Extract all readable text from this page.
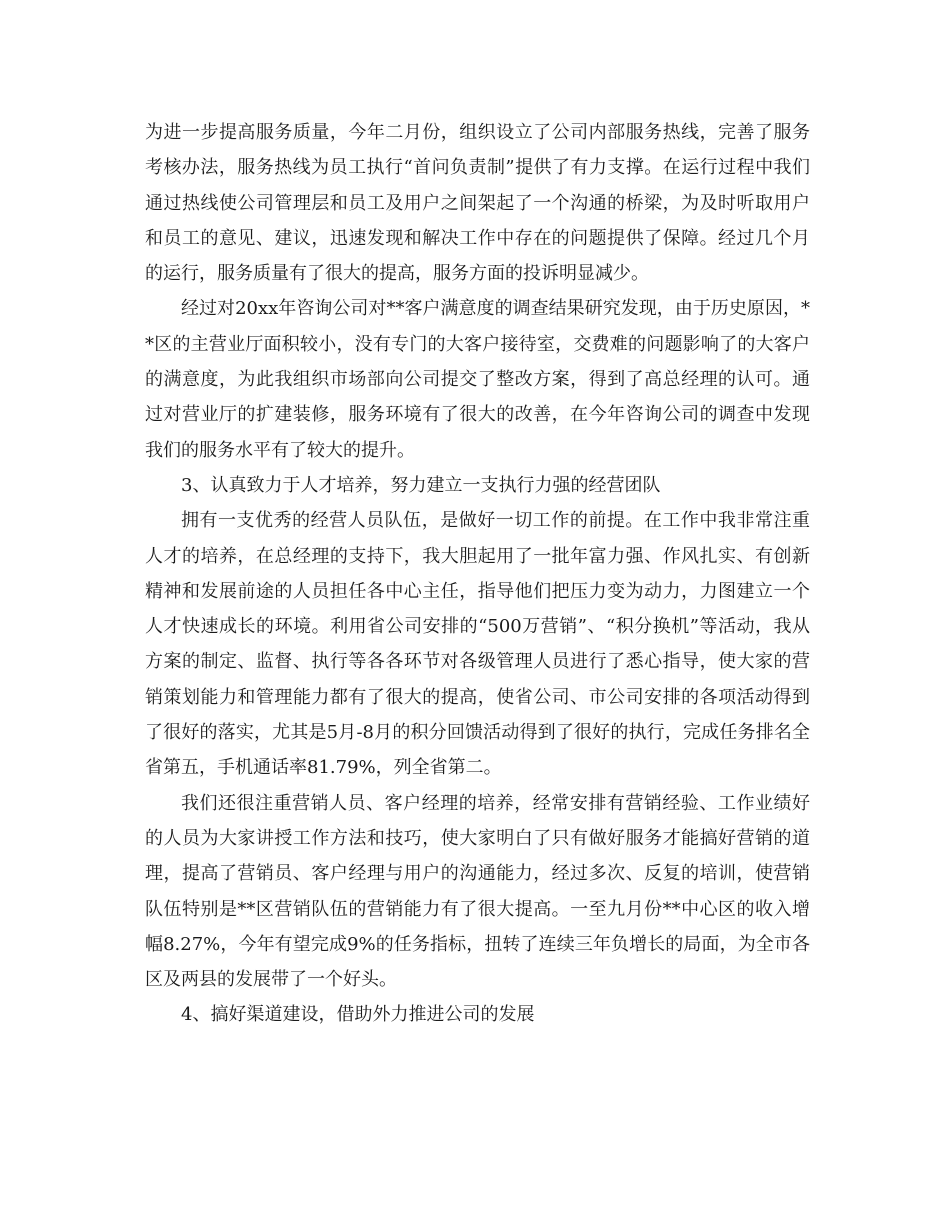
为进一步提高服务质量，今年二月份，组织设立了公司内部服务热线，完善了服务考核办法，服务热线为员工执行“首问负责制”提供了有力支撑。在运行过程中我们通过热线使公司管理层和员工及用户之间架起了一个沟通的桥梁，为及时听取用户和员工的意见、建议，迅速发现和解决工作中存在的问题提供了保障。经过几个月的运行，服务质量有了很大的提高，服务方面的投诉明显减少。

经过对20xx年咨询公司对**客户满意度的调查结果研究发现，由于历史原因，**区的主营业厅面积较小，没有专门的大客户接待室，交费难的问题影响了的大客户的满意度，为此我组织市场部向公司提交了整改方案，得到了高总经理的认可。通过对营业厅的扩建装修，服务环境有了很大的改善，在今年咨询公司的调查中发现我们的服务水平有了较大的提升。

3、认真致力于人才培养，努力建立一支执行力强的经营团队

拥有一支优秀的经营人员队伍，是做好一切工作的前提。在工作中我非常注重人才的培养，在总经理的支持下，我大胆起用了一批年富力强、作风扎实、有创新精神和发展前途的人员担任各中心主任，指导他们把压力变为动力，力图建立一个人才快速成长的环境。利用省公司安排的“500万营销”、“积分换机”等活动，我从方案的制定、监督、执行等各各环节对各级管理人员进行了悉心指导，使大家的营销策划能力和管理能力都有了很大的提高，使省公司、市公司安排的各项活动得到了很好的落实，尤其是5月-8月的积分回馈活动得到了很好的执行，完成任务排名全省第五，手机通话率81.79%，列全省第二。

我们还很注重营销人员、客户经理的培养，经常安排有营销经验、工作业绩好的人员为大家讲授工作方法和技巧，使大家明白了只有做好服务才能搞好营销的道理，提高了营销员、客户经理与用户的沟通能力，经过多次、反复的培训，使营销队伍特别是**区营销队伍的营销能力有了很大提高。一至九月份**中心区的收入增幅8.27%，今年有望完成9%的任务指标，扭转了连续三年负增长的局面，为全市各区及两县的发展带了一个好头。

4、搞好渠道建设，借助外力推进公司的发展
